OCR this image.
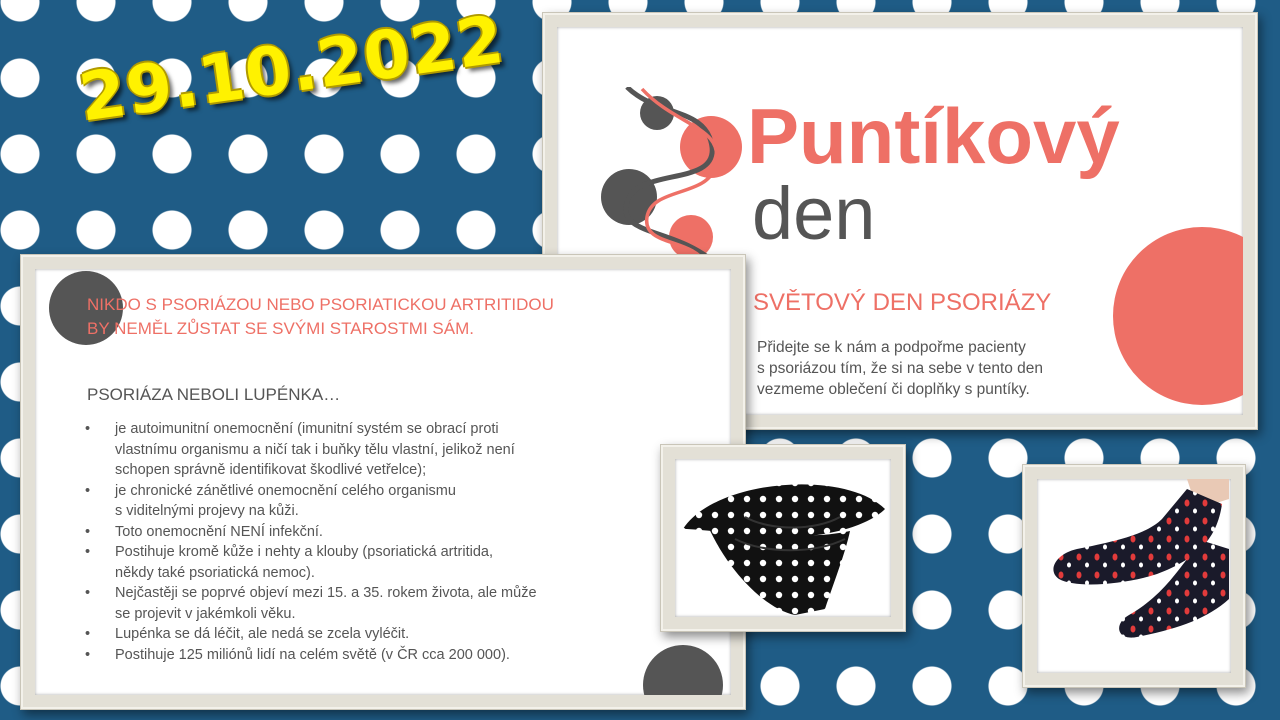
29.10.2022	Puntíkový
den
SVĚTOVÝ DEN PSORIÁZY
Přidejte se k nám a podpořme pacienty
s psoriázou tím, že si na sebe v tento den
vezmeme oblečení či doplňky s puntíky.
NIKDO S PSORIÁZOU NEBO PSORIATICKOU ARTRITIDOU
BY NEMĚL ZŮSTAT SE SVÝMI STAROSTMI SÁM.
PSORIÁZA NEBOLI LUPÉNKA…
• je autoimunitní onemocnění (imunitní systém se obrací proti
vlastnímu organismu a ničí tak i buňky tělu vlastní, jelikož není
schopen správně identifikovat škodlivé vetřelce);
• je chronické zánětlivé onemocnění celého organismu
s viditelnými projevy na kůži.
• Toto onemocnění NENÍ infekční.
• Postihuje kromě kůže i nehty a klouby (psoriatická artritida,
někdy také psoriatická nemoc).
• Nejčastěji se poprvé objeví mezi 15. a 35. rokem života, ale může
se projevit v jakémkoli věku.
• Lupénka se dá léčit, ale nedá se zcela vyléčit.
• Postihuje 125 miliónů lidí na celém světě (v ČR cca 200 000).
